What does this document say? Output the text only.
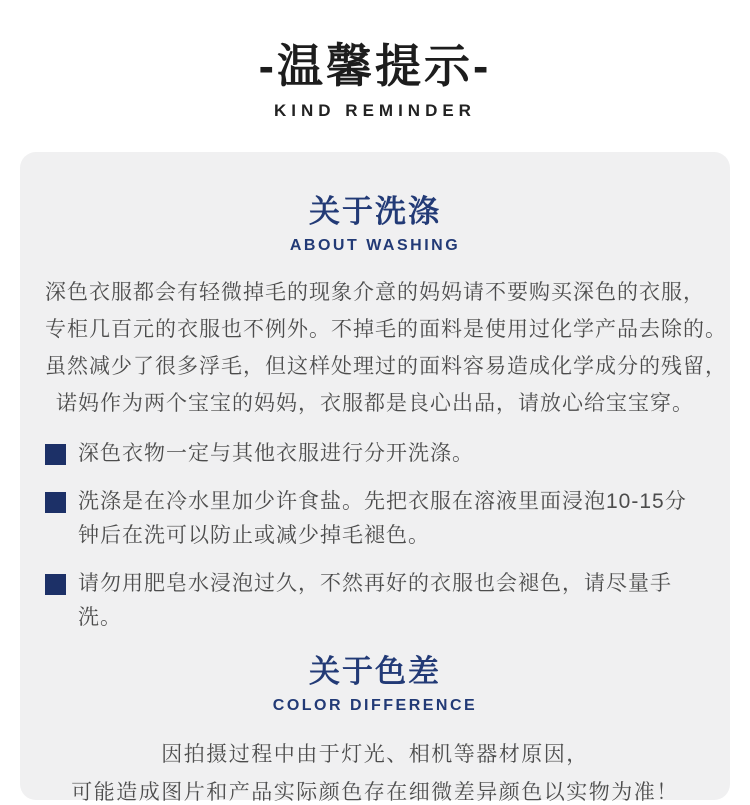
-温馨提示-
KIND REMINDER
关于洗涤
ABOUT WASHING
深色衣服都会有轻微掉毛的现象介意的妈妈请不要购买深色的衣服，
专柜几百元的衣服也不例外。不掉毛的面料是使用过化学产品去除的。
虽然减少了很多浮毛，但这样处理过的面料容易造成化学成分的残留，
诺妈作为两个宝宝的妈妈，衣服都是良心出品，请放心给宝宝穿。
深色衣物一定与其他衣服进行分开洗涤。
洗涤是在冷水里加少许食盐。先把衣服在溶液里面浸泡10-15分钟后在洗可以防止或减少掉毛褪色。
请勿用肥皂水浸泡过久，不然再好的衣服也会褪色，请尽量手洗。
关于色差
COLOR DIFFERENCE
因拍摄过程中由于灯光、相机等器材原因，
可能造成图片和产品实际颜色存在细微差异颜色以实物为准！
